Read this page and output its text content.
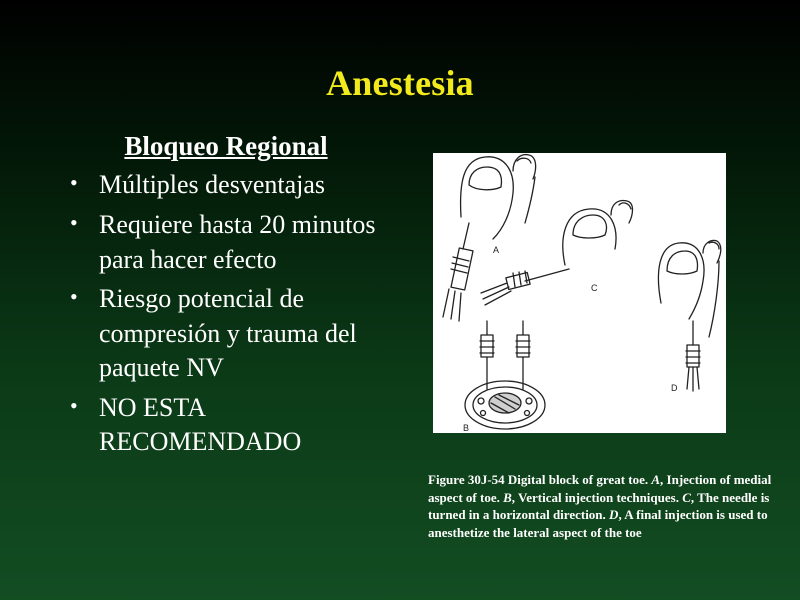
Anestesia
Bloqueo Regional
• Múltiples desventajas
• Requiere hasta 20 minutos para hacer efecto
• Riesgo potencial de compresión y trauma del paquete NV
• NO ESTA RECOMENDADO
A
C
D
B
Figure 30J-54 Digital block of great toe. A, Injection of medial aspect of toe. B, Vertical injection techniques. C, The needle is turned in a horizontal direction. D, A final injection is used to anesthetize the lateral aspect of the toe
